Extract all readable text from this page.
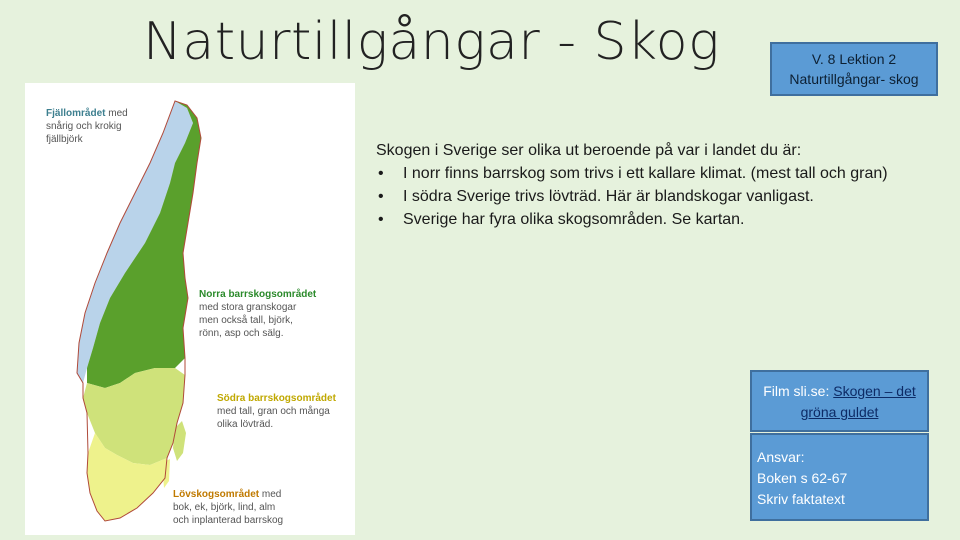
Naturtillgångar - Skog	V. 8 Lektion 2
Naturtillgångar- skog
Fjällområdet med
snårig och krokig
fjällbjörk
Norra barrskogsområdet
med stora granskogar
men också tall, björk,
rönn, asp och sälg.
Södra barrskogsområdet
med tall, gran och många
olika lövträd.
Lövskogsområdet med
bok, ek, björk, lind, alm
och inplanterad barrskog

Skogen i Sverige ser olika ut beroende på var i landet du är:

• I norr finns barrskog som trivs i ett kallare klimat. (mest tall och gran)
• I södra Sverige trivs lövträd. Här är blandskogar vanligast.
• Sverige har fyra olika skogsområden. Se kartan.
Film sli.se: Skogen – det gröna guldet
Ansvar:
Boken s 62-67
Skriv faktatext
